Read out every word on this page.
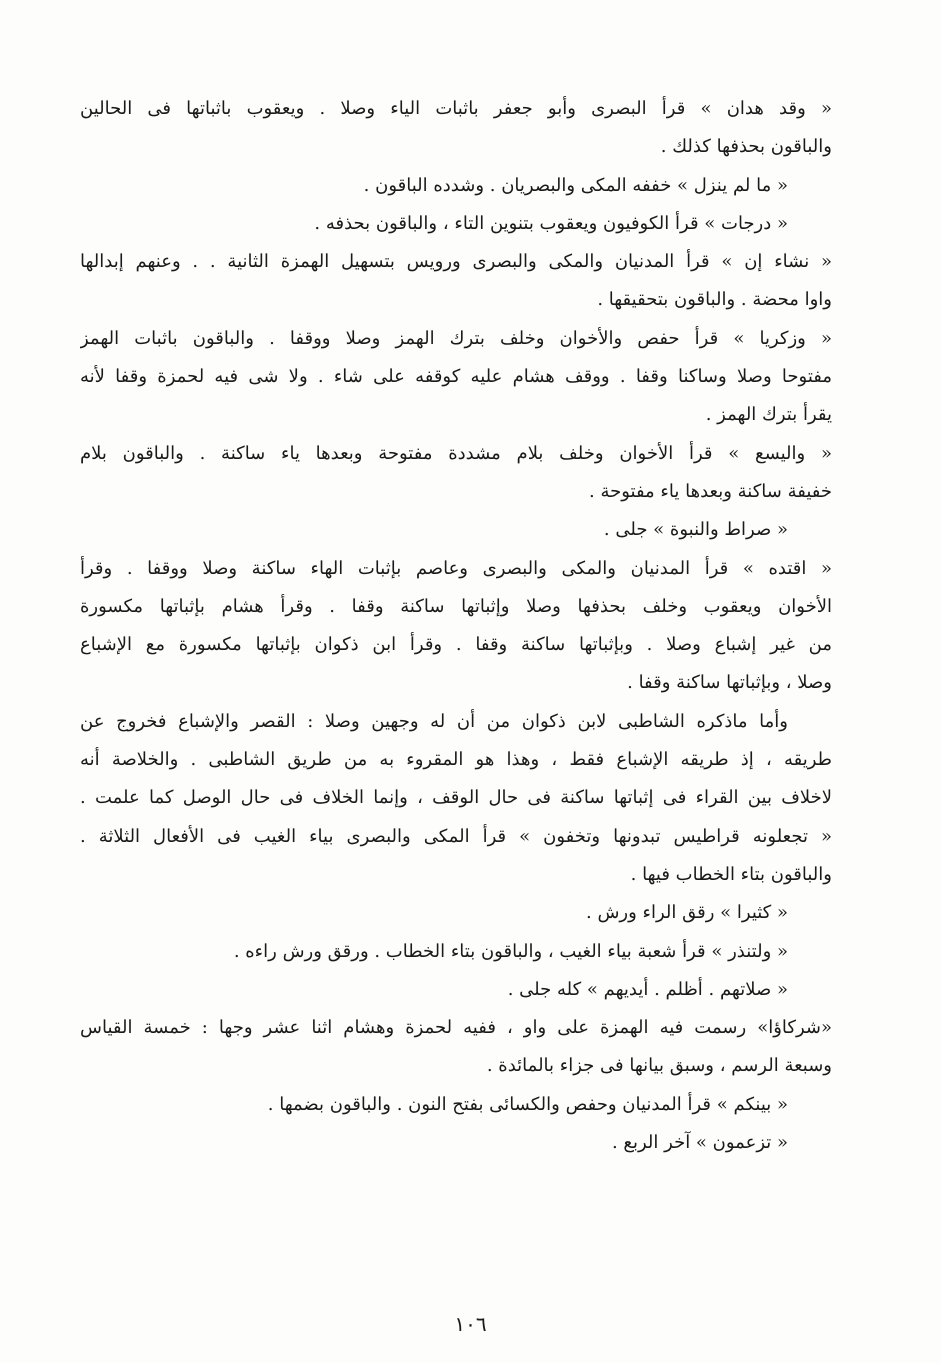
« وقد هدان » قرأ البصرى وأبو جعفر باثبات الياء وصلا . ويعقوب باثباتها فى الحالين
والباقون بحذفها كذلك .
« ما لم ينزل » خففه المكى والبصريان . وشدده الباقون .
« درجات » قرأ الكوفيون ويعقوب بتنوين التاء ، والباقون بحذفه .
« نشاء إن » قرأ المدنيان والمكى والبصرى ورويس بتسهيل الهمزة الثانية . . وعنهم إبدالها
واوا محضة . والباقون بتحقيقها .
« وزكريا » قرأ حفص والأخوان وخلف بترك الهمز وصلا ووقفا . والباقون باثبات الهمز
مفتوحا وصلا وساكنا وقفا . ووقف هشام عليه كوقفه على شاء . ولا شى فيه لحمزة وقفا لأنه
يقرأ بترك الهمز .
« واليسع » قرأ الأخوان وخلف بلام مشددة مفتوحة وبعدها ياء ساكنة . والباقون بلام
خفيفة ساكنة وبعدها ياء مفتوحة .
« صراط والنبوة » جلى .
« اقتده » قرأ المدنيان والمكى والبصرى وعاصم بإثبات الهاء ساكنة وصلا ووقفا . وقرأ
الأخوان ويعقوب وخلف بحذفها وصلا وإثباتها ساكنة وقفا . وقرأ هشام بإثباتها مكسورة
من غير إشباع وصلا . وبإثباتها ساكنة وقفا . وقرأ ابن ذكوان بإثباتها مكسورة مع الإشباع
وصلا ، وبإثباتها ساكنة وقفا .
وأما ماذكره الشاطبى لابن ذكوان من أن له وجهين وصلا : القصر والإشباع فخروج عن
طريقه ، إذ طريقه الإشباع فقط ، وهذا هو المقروء به من طريق الشاطبى . والخلاصة أنه
لاخلاف بين القراء فى إثباتها ساكنة فى حال الوقف ، وإنما الخلاف فى حال الوصل كما علمت .
« تجعلونه قراطيس تبدونها وتخفون » قرأ المكى والبصرى بياء الغيب فى الأفعال الثلاثة .
والباقون بتاء الخطاب فيها .
« كثيرا » رقق الراء ورش .
« ولتنذر » قرأ شعبة بياء الغيب ، والباقون بتاء الخطاب . ورقق ورش راءه .
« صلاتهم . أظلم . أيديهم » كله جلى .
«شركاؤا» رسمت فيه الهمزة على واو ، ففيه لحمزة وهشام اثنا عشر وجها : خمسة القياس
وسبعة الرسم ، وسبق بيانها فى جزاء بالمائدة .
« بينكم » قرأ المدنيان وحفص والكسائى بفتح النون . والباقون بضمها .
« تزعمون » آخر الربع .
١٠٦
